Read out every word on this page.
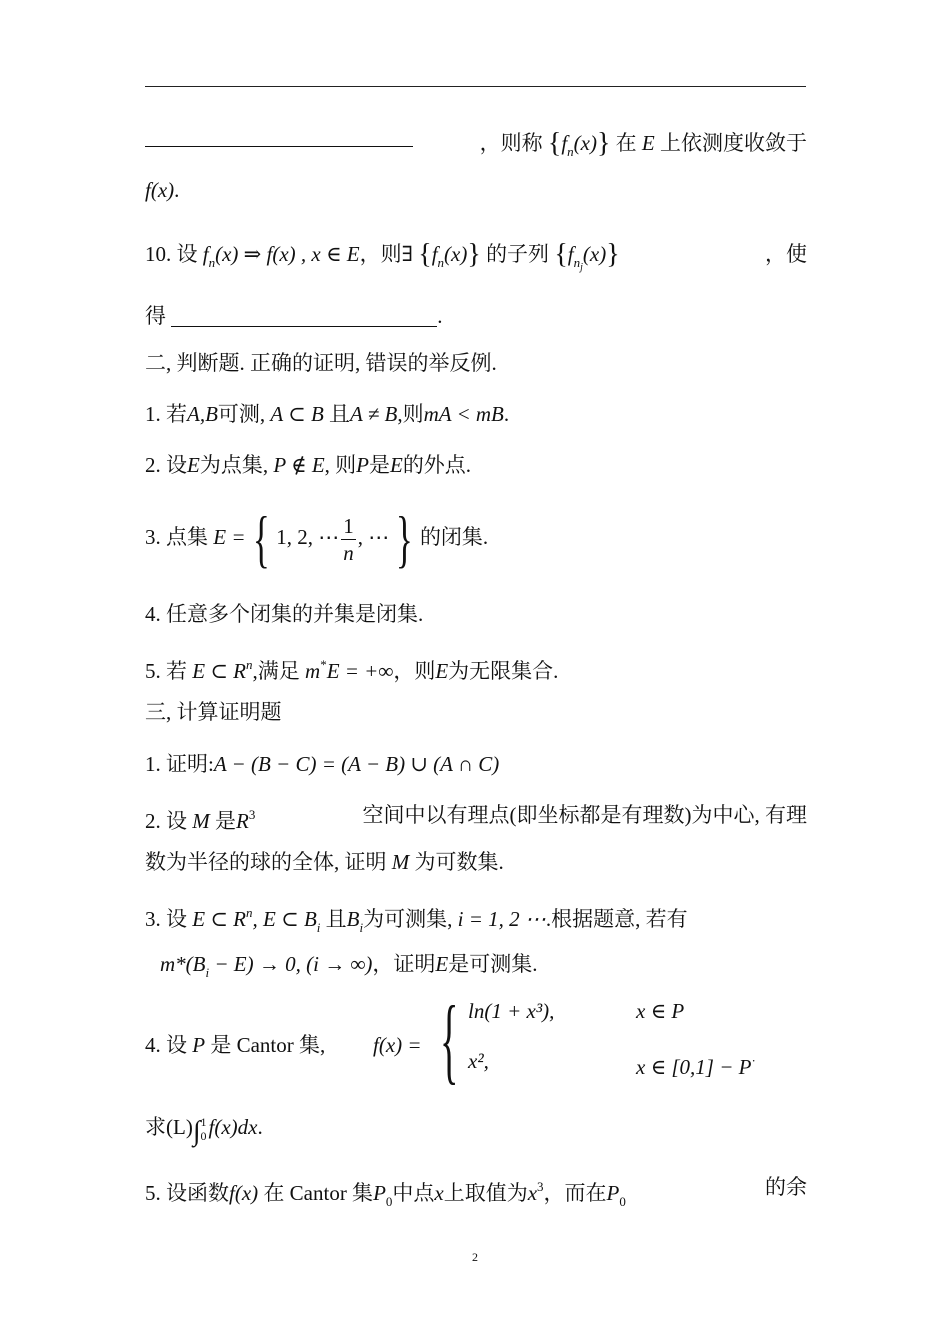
，则称 $\{f_n(x)\}$ 在 E 上依测度收敛于
f(x).
10. 设 $f_n(x)$ ⇒ f(x) , x ∈ E，则∃ $\{f_n(x)\}$ 的子列 $\{f_{nj}(x)\}$	，使
得	.
二, 判断题. 正确的证明, 错误的举反例.
1. 若A,B可测, A ⊂ B 且A ≠ B,则mA < mB.
2. 设E为点集, P ∉ E, 则P是E的外点.
3. 点集 E = { 1, 2, ⋯ $\frac{1}{n}$ , ⋯ } 的闭集.
4. 任意多个闭集的并集是闭集.
5. 若 E ⊂ $R^n$,满足 m*E = +∞，则E为无限集合.
三, 计算证明题
1. 证明:A − (B − C) = (A − B) ∪ (A ∩ C)
2. 设 M 是$R^3$	空间中以有理点(即坐标都是有理数)为中心, 有理
数为半径的球的全体, 证明 M 为可数集.
3. 设 E ⊂ $R^n$, E ⊂ $B_i$ 且$B_i$为可测集, i = 1, 2 ⋯.根据题意, 若有
$m*(B_i - E) \to 0$, (i → ∞)，证明E是可测集.
4. 设 P 是 Cantor 集,	f(x) = { ln(1 + x³),	x ∈ P
x²,	x ∈ [0,1] − P·
求(L)∫1
0f(x)dx.
5. 设函数f(x) 在 Cantor 集$P_0$中点x上取值为$x^3$，而在$P_0$
的余
2
